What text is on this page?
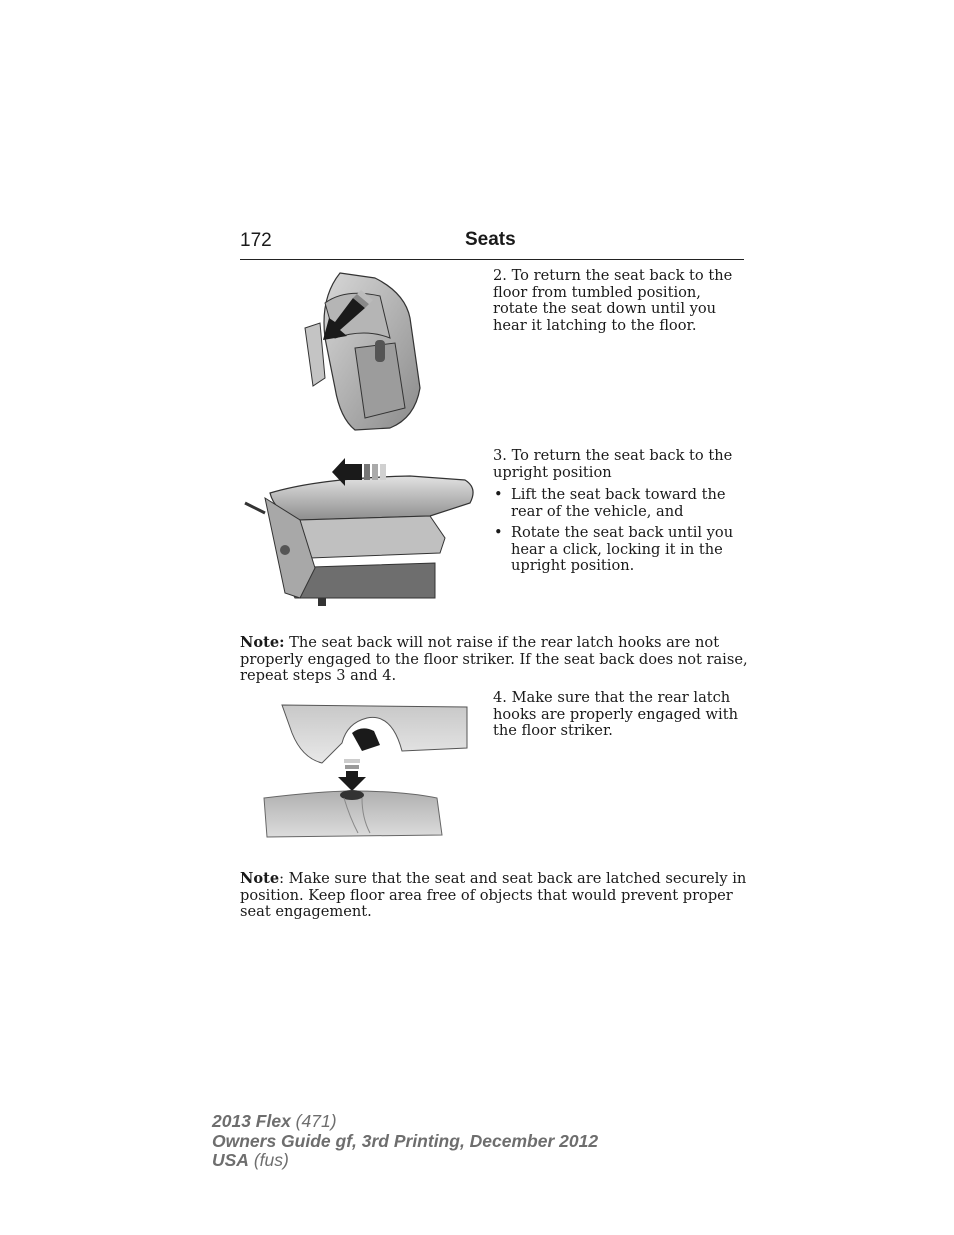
172	Seats
2. To return the seat back to the floor from tumbled position, rotate the seat down until you hear it latching to the floor.
3. To return the seat back to the upright position
• Lift the seat back toward the rear of the vehicle, and
• Rotate the seat back until you hear a click, locking it in the upright position.
Note: The seat back will not raise if the rear latch hooks are not properly engaged to the floor striker. If the seat back does not raise, repeat steps 3 and 4.
4. Make sure that the rear latch hooks are properly engaged with the floor striker.
Note: Make sure that the seat and seat back are latched securely in position. Keep floor area free of objects that would prevent proper seat engagement.
2013 Flex (471)
Owners Guide gf, 3rd Printing, December 2012
USA (fus)
